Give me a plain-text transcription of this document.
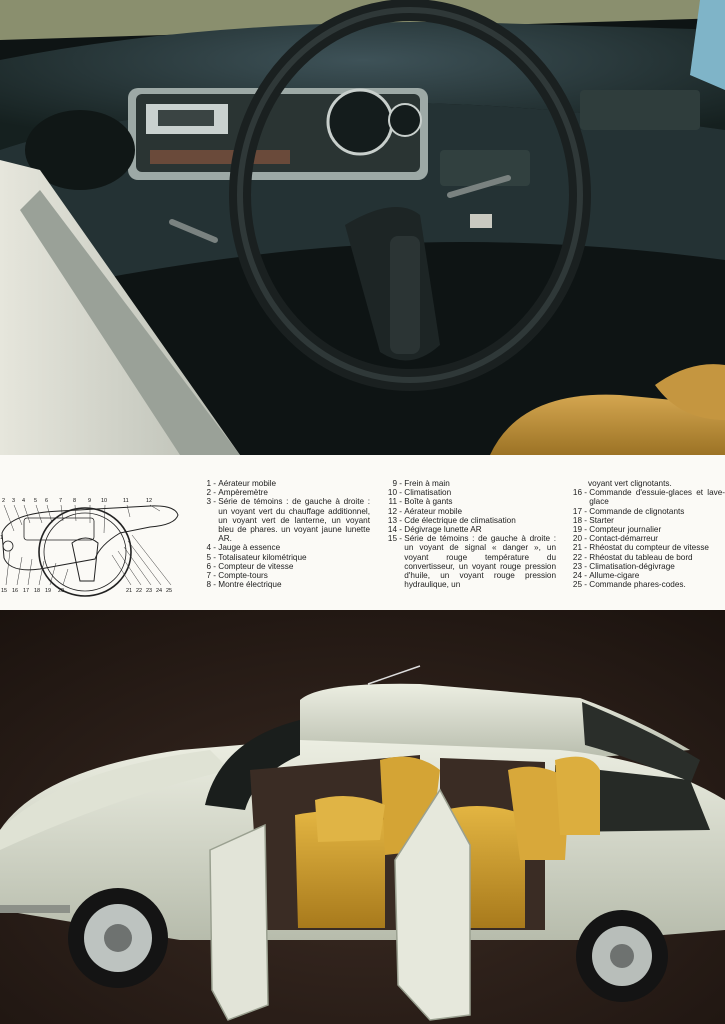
2 3 4 5 6 7 8 9 10	11	12
1
15 16 17 18 19 20	21 22 23 24 25
1 - Aérateur mobile
2 - Ampèremètre
3 - Série de témoins : de gauche à droite : un voyant vert du chauffage additionnel, un voyant vert de lanterne, un voyant bleu de phares. un voyant jaune lunette AR.
4 - Jauge à essence
5 - Totalisateur kilométrique
6 - Compteur de vitesse
7 - Compte-tours
8 - Montre électrique
9 - Frein à main
10 - Climatisation
11 - Boîte à gants
12 - Aérateur mobile
13 - Cde électrique de climatisation
14 - Dégivrage lunette AR
15 - Série de témoins : de gauche à droite : un voyant de signal « danger », un voyant rouge température du convertisseur, un voyant rouge pression d'huile, un voyant rouge pression hydraulique, un
voyant vert clignotants.
16 - Commande d'essuie-glaces et lave-glace
17 - Commande de clignotants
18 - Starter
19 - Compteur journalier
20 - Contact-démarreur
21 - Rhéostat du compteur de vitesse
22 - Rhéostat du tableau de bord
23 - Climatisation-dégivrage
24 - Allume-cigare
25 - Commande phares-codes.
